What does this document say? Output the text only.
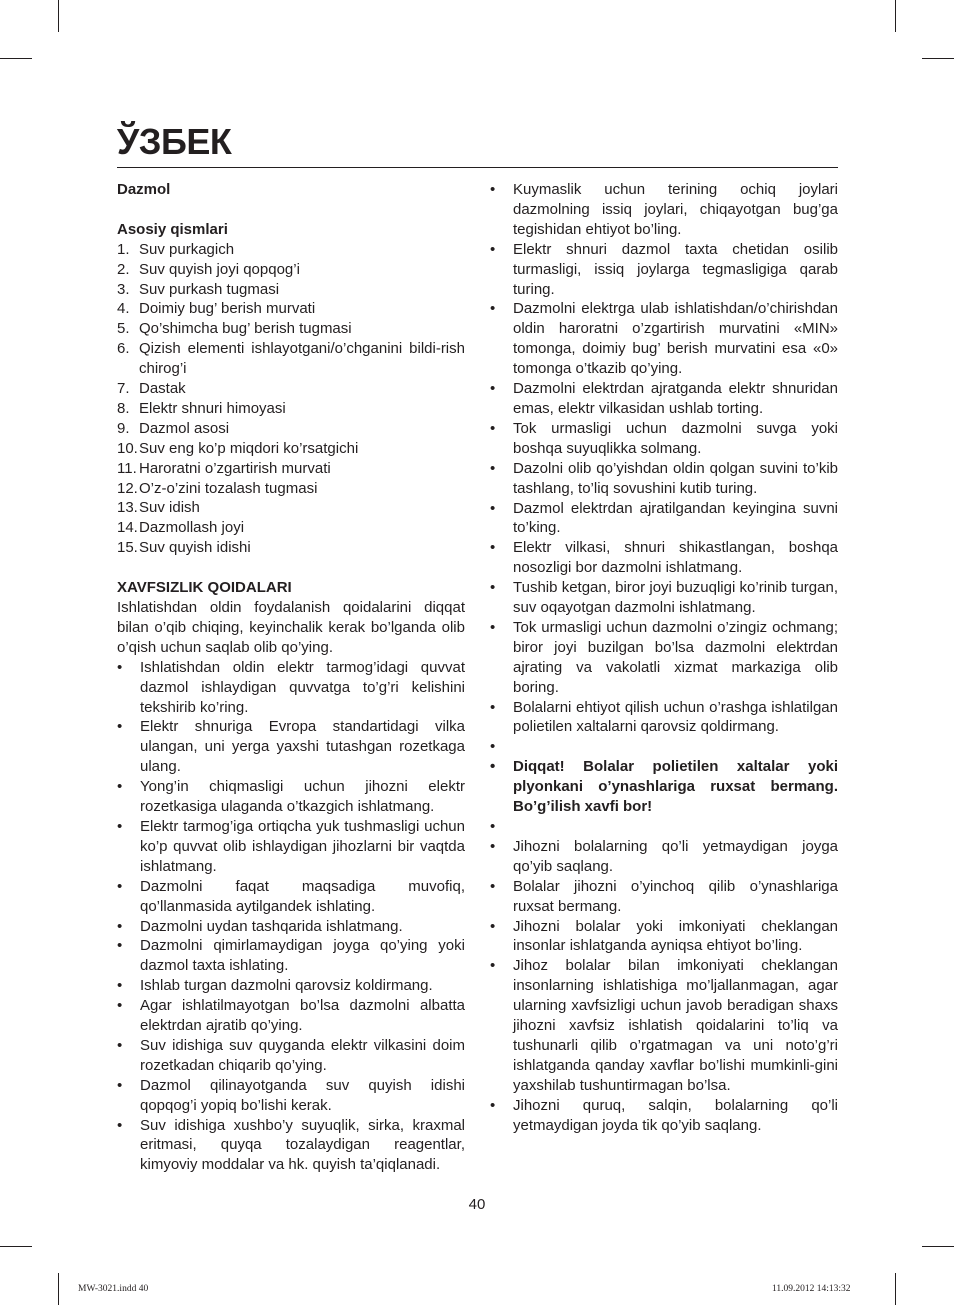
ЎЗБЕК
Dazmol
Asosiy qismlari
1. Suv purkagich
2. Suv quyish joyi qopqog’i
3. Suv purkash tugmasi
4. Doimiy bug’ berish murvati
5. Qo’shimcha bug’ berish tugmasi
6. Qizish elementi ishlayotgani/o’chganini bildi-rish chirog’i
7. Dastak
8. Elektr shnuri himoyasi
9. Dazmol asosi
10. Suv eng ko’p miqdori ko’rsatgichi
11. Haroratni o’zgartirish murvati
12. O’z-o’zini tozalash tugmasi
13. Suv idish
14. Dazmollash joyi
15. Suv quyish idishi
XAVFSIZLIK QOIDALARI
Ishlatishdan oldin foydalanish qoidalarini diqqat bilan o’qib chiqing, keyinchalik kerak bo’lganda olib o’qish uchun saqlab olib qo’ying.
•	Ishlatishdan oldin elektr tarmog’idagi quvvat dazmol ishlaydigan quvvatga to’g’ri kelishini tekshirib ko’ring.
•	Elektr shnuriga Evropa standartidagi vilka ulangan, uni yerga yaxshi tutashgan rozetkaga ulang.
•	Yong’in chiqmasligi uchun jihozni elektr rozetkasiga ulaganda o’tkazgich ishlatmang.
•	Elektr tarmog’iga ortiqcha yuk tushmasligi uchun ko’p quvvat olib ishlaydigan jihozlarni bir vaqtda ishlatmang.
•	Dazmolni faqat maqsadiga muvofiq, qo’llanmasida aytilgandek ishlating.
•	Dazmolni uydan tashqarida ishlatmang.
•	Dazmolni qimirlamaydigan joyga qo’ying yoki dazmol taxta ishlating.
•	Ishlab turgan dazmolni qarovsiz koldirmang.
•	Agar ishlatilmayotgan bo’lsa dazmolni albatta elektrdan ajratib qo’ying.
•	Suv idishiga suv quyganda elektr vilkasini doim rozetkadan chiqarib qo’ying.
•	Dazmol qilinayotganda suv quyish idishi qopqog’i yopiq bo’lishi kerak.
•	Suv idishiga xushbo’y suyuqlik, sirka, kraxmal eritmasi, quyqa tozalaydigan reagentlar, kimyoviy moddalar va hk. quyish ta’qiqlanadi.
•	Kuymaslik uchun terining ochiq joylari dazmolning issiq joylari, chiqayotgan bug’ga tegishidan ehtiyot bo’ling.
•	Elektr shnuri dazmol taxta chetidan osilib turmasligi, issiq joylarga tegmasligiga qarab turing.
•	Dazmolni elektrga ulab ishlatishdan/o’chirishdan oldin haroratni o’zgartirish murvatini «MIN» tomonga, doimiy bug’ berish murvatini esa «0» tomonga o’tkazib qo’ying.
•	Dazmolni elektrdan ajratganda elektr shnuridan emas, elektr vilkasidan ushlab torting.
•	Tok urmasligi uchun dazmolni suvga yoki boshqa suyuqlikka solmang.
•	Dazolni olib qo’yishdan oldin qolgan suvini to’kib tashlang, to’liq sovushini kutib turing.
•	Dazmol elektrdan ajratilgandan keyingina suvni to’king.
•	Elektr vilkasi, shnuri shikastlangan, boshqa nosozligi bor dazmolni ishlatmang.
•	Tushib ketgan, biror joyi buzuqligi ko’rinib turgan, suv oqayotgan dazmolni ishlatmang.
•	Tok urmasligi uchun dazmolni o’zingiz ochmang; biror joyi buzilgan bo’lsa dazmolni elektrdan ajrating va vakolatli xizmat markaziga olib boring.
•	Bolalarni ehtiyot qilish uchun o’rashga ishlatilgan polietilen xaltalarni qarovsiz qoldirmang.
•
•	Diqqat! Bolalar polietilen xaltalar yoki plyonkani o’ynashlariga ruxsat bermang. Bo’g’ilish xavfi bor!
•
•	Jihozni bolalarning qo’li yetmaydigan joyga qo’yib saqlang.
•	Bolalar jihozni o’yinchoq qilib o’ynashlariga ruxsat bermang.
•	Jihozni bolalar yoki imkoniyati cheklangan insonlar ishlatganda ayniqsa ehtiyot bo’ling.
•	Jihoz bolalar bilan imkoniyati cheklangan insonlarning ishlatishiga mo’ljallanmagan, agar ularning xavfsizligi uchun javob beradigan shaxs jihozni xavfsiz ishlatish qoidalarini to’liq va tushunarli qilib o’rgatmagan va uni noto’g’ri ishlatganda qanday xavflar bo’lishi mumkinli-gini yaxshilab tushuntirmagan bo’lsa.
•	Jihozni quruq, salqin, bolalarning qo’li yetmaydigan joyda tik qo’yib saqlang.
40
MW-3021.indd 40	11.09.2012 14:13:32
